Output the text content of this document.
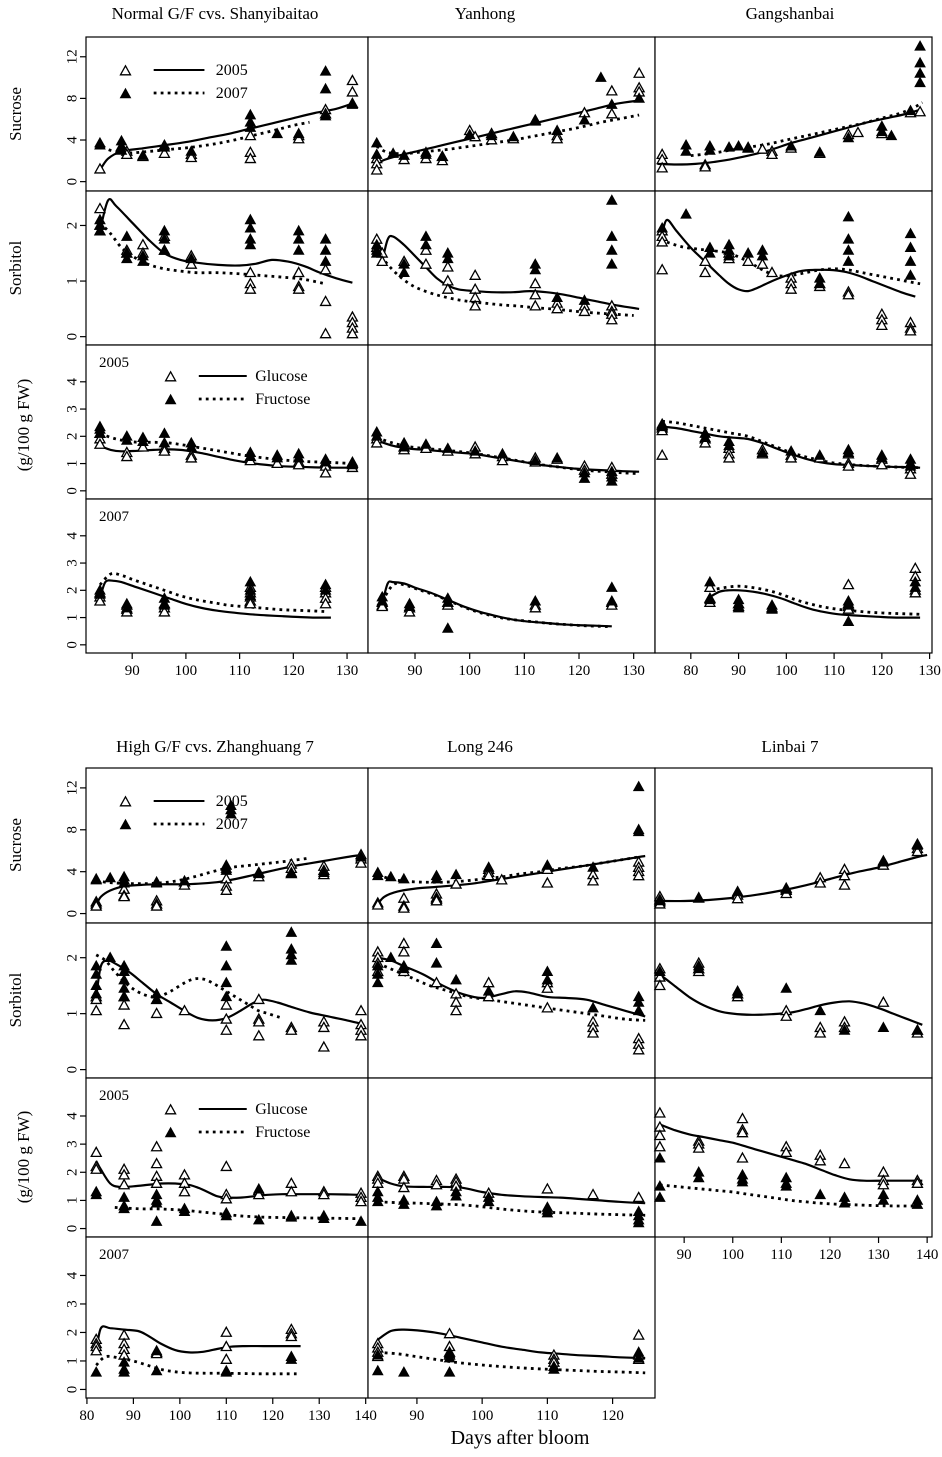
0
4
8
12
2005
2007
0
1
2
0
1
2
3
4
2005
Glucose
Fructose
0
1
2
3
4
90 100 110 120 130
2007
90 100 110 120 130	80 90 100 110 120 130
0
4
8
12
2005
2007
0
1
2
0
1
2
3
4
2005
Glucose
Fructose
90 100 110 120 130 140
0
1
2
3
4
80 90 100 110 120 130 140
2007
90	100	110	120
Normal G/F cvs. Shanyibaitao	Yanhong	Gangshanbai
High G/F cvs. Zhanghuang 7	Long 246	Linbai 7
Sucrose
Sorbitol
(g/100 g FW)
Sucrose
Sorbitol
(g/100 g FW)
Days after bloom
